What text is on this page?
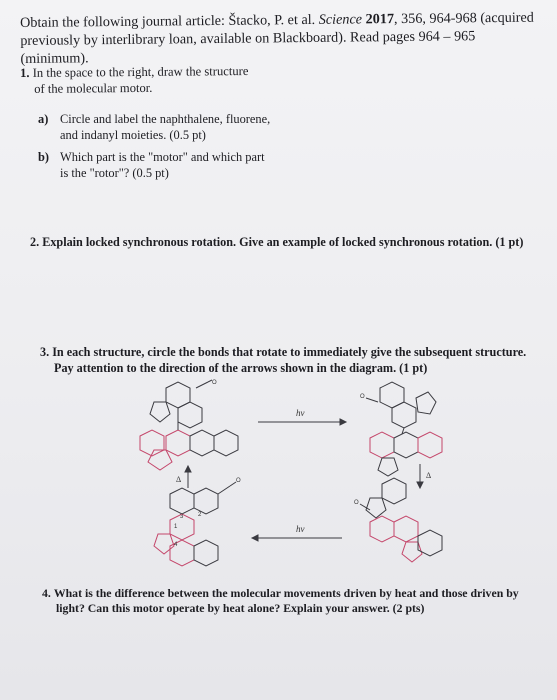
Obtain the following journal article: Štacko, P. et al. Science 2017, 356, 964-968 (acquired previously by interlibrary loan, available on Blackboard). Read pages 964 – 965 (minimum).
1. In the space to the right, draw the structure
of the molecular motor.
a) Circle and label the naphthalene, fluorene,
and indanyl moieties. (0.5 pt)
b) Which part is the "motor" and which part
is the "rotor"? (0.5 pt)
2. Explain locked synchronous rotation. Give an example of locked synchronous rotation. (1 pt)
3. In each structure, circle the bonds that rotate to immediately give the subsequent structure.
Pay attention to the direction of the arrows shown in the diagram. (1 pt)
hν
hν
Δ	Δ
3 2
1
4
O
O
O
O
4. What is the difference between the molecular movements driven by heat and those driven by
light? Can this motor operate by heat alone? Explain your answer. (2 pts)
